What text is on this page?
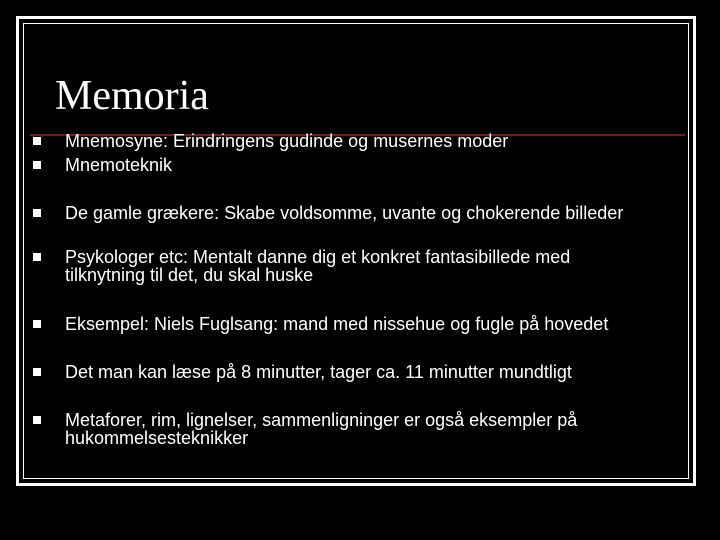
Memoria
Mnemosyne: Erindringens gudinde og musernes moder
Mnemoteknik
De gamle grækere: Skabe voldsomme, uvante og chokerende billeder
Psykologer etc: Mentalt danne dig et konkret fantasibillede med tilknytning til det, du skal huske
Eksempel: Niels Fuglsang: mand med nissehue og fugle på hovedet
Det man kan læse på 8 minutter, tager ca. 11 minutter mundtligt
Metaforer, rim, lignelser, sammenligninger er også eksempler på hukommelsesteknikker
